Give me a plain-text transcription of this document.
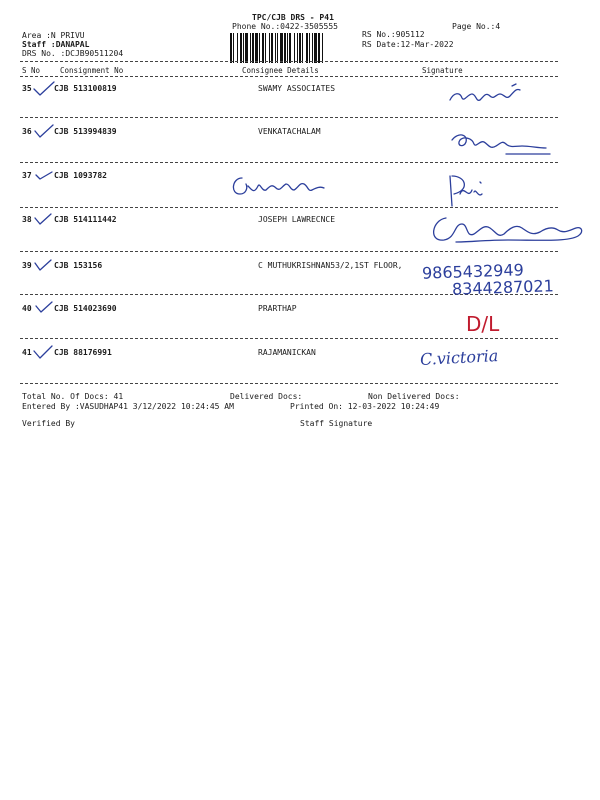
TPC/CJB DRS - P41
Phone No.:0422-3505555	Page No.:4
Area :N PRIVU
Staff :DANAPAL
DRS No. :DCJB90511204
RS No.:905112
RS Date:12-Mar-2022
S No	Consignment No	Consignee Details	Signature
35	CJB 513100819	SWAMY ASSOCIATES
36	CJB 513994839	VENKATACHALAM
37	CJB 1093782
38	CJB 514111442	JOSEPH LAWRECNCE
39	CJB 153156	C MUTHUKRISHNAN53/2,1ST FLOOR,
40	CJB 514023690	PRARTHAP
41	CJB 88176991	RAJAMANICKAN
Total No. Of Docs: 41	Delivered Docs:	Non Delivered Docs:
Entered By :VASUDHAP41 3/12/2022 10:24:45 AM	Printed On: 12-03-2022 10:24:49
Verified By	Staff Signature
9865432949
8344287021
D/L
C.victoria
